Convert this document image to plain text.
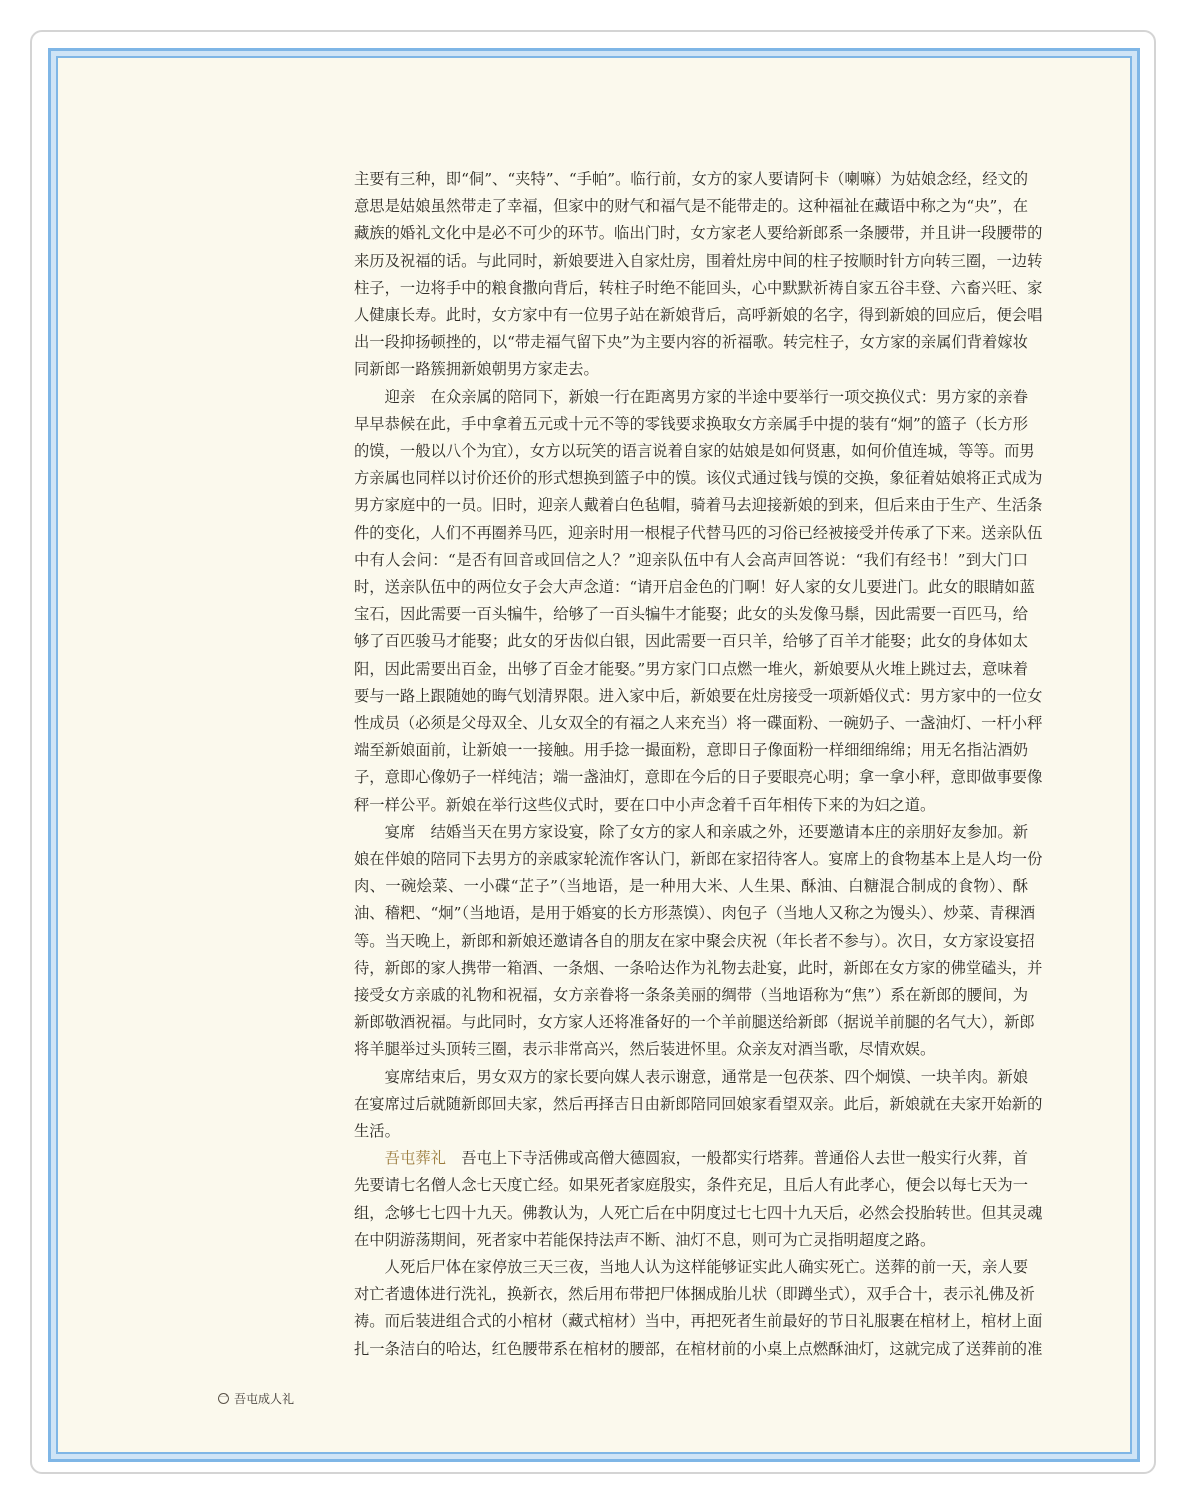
主要有三种，即“侗”、“夹特”、“手帕”。临行前，女方的家人要请阿卡（喇嘛）为姑娘念经，经文的
意思是姑娘虽然带走了幸福，但家中的财气和福气是不能带走的。这种福祉在藏语中称之为“央”，在
藏族的婚礼文化中是必不可少的环节。临出门时，女方家老人要给新郎系一条腰带，并且讲一段腰带的
来历及祝福的话。与此同时，新娘要进入自家灶房，围着灶房中间的柱子按顺时针方向转三圈，一边转
柱子，一边将手中的粮食撒向背后，转柱子时绝不能回头，心中默默祈祷自家五谷丰登、六畜兴旺、家
人健康长寿。此时，女方家中有一位男子站在新娘背后，高呼新娘的名字，得到新娘的回应后，便会唱
出一段抑扬顿挫的，以“带走福气留下央”为主要内容的祈福歌。转完柱子，女方家的亲属们背着嫁妆
同新郎一路簇拥新娘朝男方家走去。
　　迎亲　在众亲属的陪同下，新娘一行在距离男方家的半途中要举行一项交换仪式：男方家的亲眷
早早恭候在此，手中拿着五元或十元不等的零钱要求换取女方亲属手中提的装有“炯”的篮子（长方形
的馍，一般以八个为宜），女方以玩笑的语言说着自家的姑娘是如何贤惠，如何价值连城，等等。而男
方亲属也同样以讨价还价的形式想换到篮子中的馍。该仪式通过钱与馍的交换，象征着姑娘将正式成为
男方家庭中的一员。旧时，迎亲人戴着白色毡帽，骑着马去迎接新娘的到来，但后来由于生产、生活条
件的变化，人们不再圈养马匹，迎亲时用一根棍子代替马匹的习俗已经被接受并传承了下来。送亲队伍
中有人会问：“是否有回音或回信之人？”迎亲队伍中有人会高声回答说：“我们有经书！”到大门口
时，送亲队伍中的两位女子会大声念道：“请开启金色的门啊！好人家的女儿要进门。此女的眼睛如蓝
宝石，因此需要一百头犏牛，给够了一百头犏牛才能娶；此女的头发像马鬃，因此需要一百匹马，给
够了百匹骏马才能娶；此女的牙齿似白银，因此需要一百只羊，给够了百羊才能娶；此女的身体如太
阳，因此需要出百金，出够了百金才能娶。”男方家门口点燃一堆火，新娘要从火堆上跳过去，意味着
要与一路上跟随她的晦气划清界限。进入家中后，新娘要在灶房接受一项新婚仪式：男方家中的一位女
性成员（必须是父母双全、儿女双全的有福之人来充当）将一碟面粉、一碗奶子、一盏油灯、一杆小秤
端至新娘面前，让新娘一一接触。用手捻一撮面粉，意即日子像面粉一样细细绵绵；用无名指沾酒奶
子，意即心像奶子一样纯洁；端一盏油灯，意即在今后的日子要眼亮心明；拿一拿小秤，意即做事要像
秤一样公平。新娘在举行这些仪式时，要在口中小声念着千百年相传下来的为妇之道。
　　宴席　结婚当天在男方家设宴，除了女方的家人和亲戚之外，还要邀请本庄的亲朋好友参加。新
娘在伴娘的陪同下去男方的亲戚家轮流作客认门，新郎在家招待客人。宴席上的食物基本上是人均一份
肉、一碗烩菜、一小碟“芷子”（当地语，是一种用大米、人生果、酥油、白糖混合制成的食物）、酥
油、稽粑、“炯”（当地语，是用于婚宴的长方形蒸馍）、肉包子（当地人又称之为馒头）、炒菜、青稞酒
等。当天晚上，新郎和新娘还邀请各自的朋友在家中聚会庆祝（年长者不参与）。次日，女方家设宴招
待，新郎的家人携带一箱酒、一条烟、一条哈达作为礼物去赴宴，此时，新郎在女方家的佛堂磕头，并
接受女方亲戚的礼物和祝福，女方亲眷将一条条美丽的绸带（当地语称为“焦”）系在新郎的腰间，为
新郎敬酒祝福。与此同时，女方家人还将准备好的一个羊前腿送给新郎（据说羊前腿的名气大），新郎
将羊腿举过头顶转三圈，表示非常高兴，然后装进怀里。众亲友对酒当歌，尽情欢娱。
　　宴席结束后，男女双方的家长要向媒人表示谢意，通常是一包茯茶、四个炯馍、一块羊肉。新娘
在宴席过后就随新郎回夫家，然后再择吉日由新郎陪同回娘家看望双亲。此后，新娘就在夫家开始新的
生活。
　　吾屯葬礼　吾屯上下寺活佛或高僧大德圆寂，一般都实行塔葬。普通俗人去世一般实行火葬，首
先要请七名僧人念七天度亡经。如果死者家庭殷实，条件充足，且后人有此孝心，便会以每七天为一
组，念够七七四十九天。佛教认为，人死亡后在中阴度过七七四十九天后，必然会投胎转世。但其灵魂
在中阴游荡期间，死者家中若能保持法声不断、油灯不息，则可为亡灵指明超度之路。
　　人死后尸体在家停放三天三夜，当地人认为这样能够证实此人确实死亡。送葬的前一天，亲人要
对亡者遗体进行洗礼，换新衣，然后用布带把尸体捆成胎儿状（即蹲坐式），双手合十，表示礼佛及祈
祷。而后装进组合式的小棺材（藏式棺材）当中，再把死者生前最好的节日礼服裹在棺材上，棺材上面
扎一条洁白的哈达，红色腰带系在棺材的腰部，在棺材前的小桌上点燃酥油灯，这就完成了送葬前的准
一 吾屯成人礼
